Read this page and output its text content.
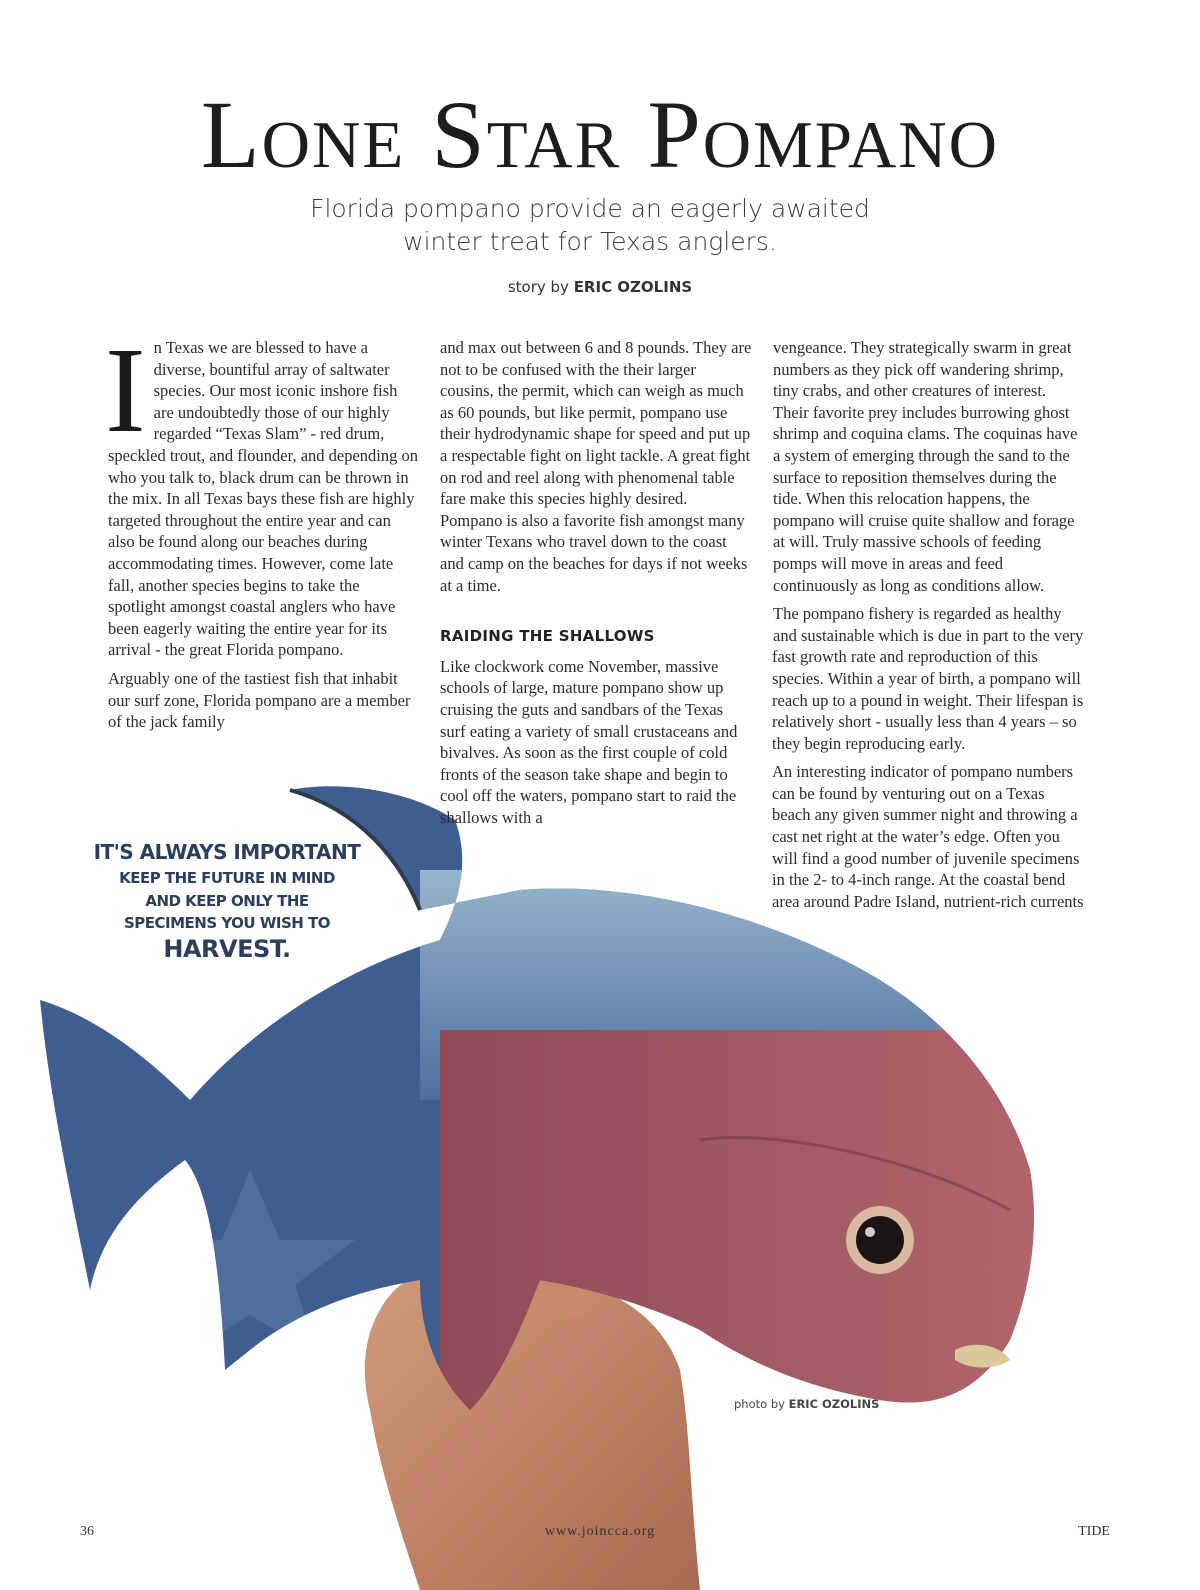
Lone Star Pompano
Florida pompano provide an eagerly awaited
winter treat for Texas anglers.
story by ERIC OZOLINS

In Texas we are blessed to have a diverse, bountiful array of saltwater species. Our most iconic inshore fish are undoubtedly those of our highly regarded “Texas Slam” - red drum, speckled trout, and flounder, and depending on who you talk to, black drum can be thrown in the mix. In all Texas bays these fish are highly targeted throughout the entire year and can also be found along our beaches during accommodating times. However, come late fall, another species begins to take the spotlight amongst coastal anglers who have been eagerly waiting the entire year for its arrival - the great Florida pompano.

Arguably one of the tastiest fish that inhabit our surf zone, Florida pompano are a member of the jack family

and max out between 6 and 8 pounds. They are not to be confused with the their larger cousins, the permit, which can weigh as much as 60 pounds, but like permit, pompano use their hydrodynamic shape for speed and put up a respectable fight on light tackle. A great fight on rod and reel along with phenomenal table fare make this species highly desired. Pompano is also a favorite fish amongst many winter Texans who travel down to the coast and camp on the beaches for days if not weeks at a time.

RAIDING THE SHALLOWS

Like clockwork come November, massive schools of large, mature pompano show up cruising the guts and sandbars of the Texas surf eating a variety of small crustaceans and bivalves. As soon as the first couple of cold fronts of the season take shape and begin to cool off the waters, pompano start to raid the shallows with a

vengeance. They strategically swarm in great numbers as they pick off wandering shrimp, tiny crabs, and other creatures of interest. Their favorite prey includes burrowing ghost shrimp and coquina clams. The coquinas have a system of emerging through the sand to the surface to reposition themselves during the tide. When this relocation happens, the pompano will cruise quite shallow and forage at will. Truly massive schools of feeding pomps will move in areas and feed continuously as long as conditions allow.

The pompano fishery is regarded as healthy and sustainable which is due in part to the very fast growth rate and reproduction of this species. Within a year of birth, a pompano will reach up to a pound in weight. Their lifespan is relatively short - usually less than 4 years – so they begin reproducing early.

An interesting indicator of pompano numbers can be found by venturing out on a Texas beach any given summer night and throwing a cast net right at the water’s edge. Often you will find a good number of juvenile specimens in the 2- to 4-inch range. At the coastal bend area around Padre Island, nutrient-rich currents

IT'S ALWAYS IMPORTANT
KEEP THE FUTURE IN MIND
AND KEEP ONLY THE
SPECIMENS YOU WISH TO
HARVEST.
photo by ERIC OZOLINS
36	www.joincca.org	TIDE
